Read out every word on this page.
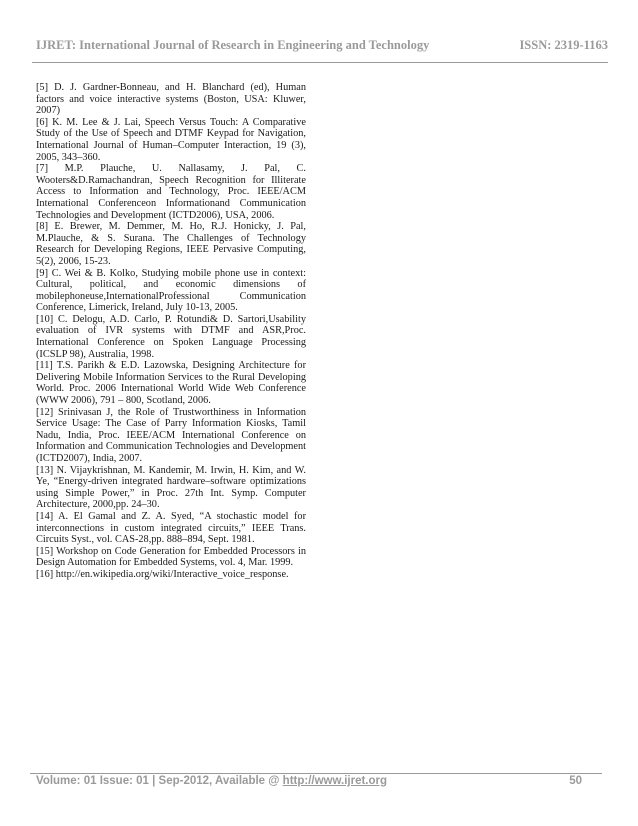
IJRET: International Journal of Research in Engineering and Technology	ISSN: 2319-1163

[5] D. J. Gardner-Bonneau, and H. Blanchard (ed), Human factors and voice interactive systems (Boston, USA: Kluwer, 2007)

[6] K. M. Lee & J. Lai, Speech Versus Touch: A Comparative Study of the Use of Speech and DTMF Keypad for Navigation, International Journal of Human–Computer Interaction, 19 (3), 2005, 343–360.

[7] M.P. Plauche, U. Nallasamy, J. Pal, C. Wooters&D.Ramachandran, Speech Recognition for Illiterate Access to Information and Technology, Proc. IEEE/ACM International Conferenceon Informationand Communication Technologies and Development (ICTD2006), USA, 2006.

[8] E. Brewer, M. Demmer, M. Ho, R.J. Honicky, J. Pal, M.Plauche, & S. Surana. The Challenges of Technology Research for Developing Regions, IEEE Pervasive Computing, 5(2), 2006, 15-23.

[9] C. Wei & B. Kolko, Studying mobile phone use in context: Cultural, political, and economic dimensions of mobilephoneuse,InternationalProfessional Communication Conference, Limerick, Ireland, July 10-13, 2005.

[10] C. Delogu, A.D. Carlo, P. Rotundi& D. Sartori,Usability evaluation of IVR systems with DTMF and ASR,Proc. International Conference on Spoken Language Processing (ICSLP 98), Australia, 1998.

[11] T.S. Parikh & E.D. Lazowska, Designing Architecture for Delivering Mobile Information Services to the Rural Developing World. Proc. 2006 International World Wide Web Conference (WWW 2006), 791 – 800, Scotland, 2006.

[12] Srinivasan J, the Role of Trustworthiness in Information Service Usage: The Case of Parry Information Kiosks, Tamil Nadu, India, Proc. IEEE/ACM International Conference on Information and Communication Technologies and Development (ICTD2007), India, 2007.

[13] N. Vijaykrishnan, M. Kandemir, M. Irwin, H. Kim, and W. Ye, “Energy-driven integrated hardware–software optimizations using Simple Power,” in Proc. 27th Int. Symp. Computer Architecture, 2000,pp. 24–30.

[14] A. El Gamal and Z. A. Syed, “A stochastic model for interconnections in custom integrated circuits,” IEEE Trans. Circuits Syst., vol. CAS-28,pp. 888–894, Sept. 1981.

[15] Workshop on Code Generation for Embedded Processors in Design Automation for Embedded Systems, vol. 4, Mar. 1999.

[16] http://en.wikipedia.org/wiki/Interactive_voice_response.

Volume: 01 Issue: 01 | Sep-2012, Available @ http://www.ijret.org	50
